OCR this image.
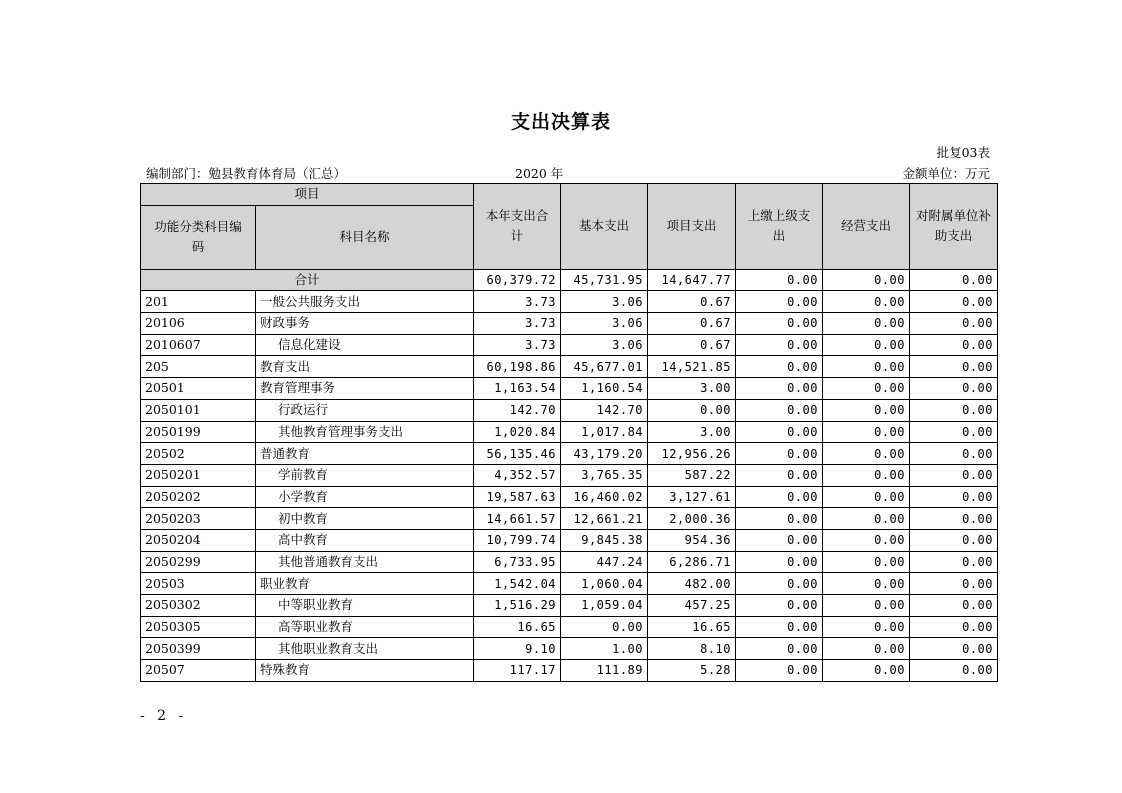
支出决算表
批复03表
编制部门：勉县教育体育局（汇总）	2020 年	金额单位：万元
项目		本年支出合计	基本支出	项目支出	上缴上级支出	经营支出	对附属单位补助支出

功能分类科目编码	科目名称						
合计		60,379.72	45,731.95	14,647.77	0.00	0.00	0.00
201	一般公共服务支出	3.73	3.06	0.67	0.00	0.00	0.00
20106	财政事务	3.73	3.06	0.67	0.00	0.00	0.00
2010607	信息化建设	3.73	3.06	0.67	0.00	0.00	0.00
205	教育支出	60,198.86	45,677.01	14,521.85	0.00	0.00	0.00
20501	教育管理事务	1,163.54	1,160.54	3.00	0.00	0.00	0.00
2050101	行政运行	142.70	142.70	0.00	0.00	0.00	0.00
2050199	其他教育管理事务支出	1,020.84	1,017.84	3.00	0.00	0.00	0.00
20502	普通教育	56,135.46	43,179.20	12,956.26	0.00	0.00	0.00
2050201	学前教育	4,352.57	3,765.35	587.22	0.00	0.00	0.00
2050202	小学教育	19,587.63	16,460.02	3,127.61	0.00	0.00	0.00
2050203	初中教育	14,661.57	12,661.21	2,000.36	0.00	0.00	0.00
2050204	高中教育	10,799.74	9,845.38	954.36	0.00	0.00	0.00
2050299	其他普通教育支出	6,733.95	447.24	6,286.71	0.00	0.00	0.00
20503	职业教育	1,542.04	1,060.04	482.00	0.00	0.00	0.00
2050302	中等职业教育	1,516.29	1,059.04	457.25	0.00	0.00	0.00
2050305	高等职业教育	16.65	0.00	16.65	0.00	0.00	0.00
2050399	其他职业教育支出	9.10	1.00	8.10	0.00	0.00	0.00
20507	特殊教育	117.17	111.89	5.28	0.00	0.00	0.00
- 2 -
